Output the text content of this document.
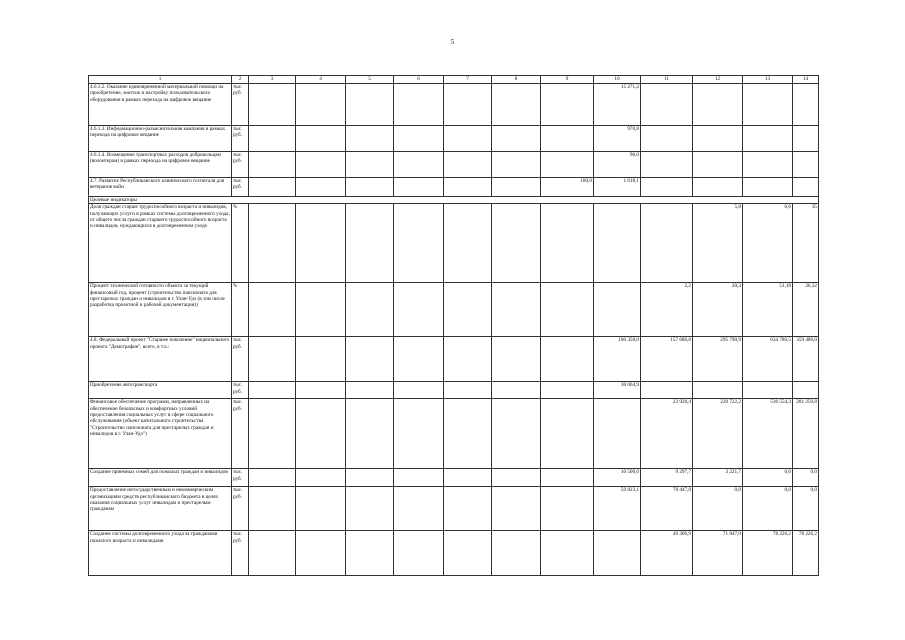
5
1	2	3	4	5	6	7	8	9	10	11	12	13	14	
4.6.1.2. Оказание единовременной материальной помощи на приобретение, монтаж и настройку пользовательского оборудования в рамках перехода на цифровое вещание	тыс. руб.								15 271,2					
4.6.1.3. Информационно-разъяснительная кампания в рамках перехода на цифровое вещание	тыс. руб.								970,8					
4.6.1.4. Возмещение транспортных расходов добровольцам (волонтерам) в рамках перехода на цифровое вещание	тыс. руб.								96,0					
4.7. Развитие Республиканского клинического госпиталя для ветеранов войн	тыс. руб.							180,0	1 618,1					
Целевые индикаторы														
Доля граждан старше трудоспособного возраста и инвалидов, получающих услуги в рамках системы долговременного ухода, от общего числа граждан старшего трудоспособного возраста и инвалидов, нуждающихся в долговременном уходе	%										5,8	6,6	35	
Процент технической готовности объекта за текущий финансовый год, процент (строительство пансионата для престарелых граждан и инвалидов в г. Улан-Удэ (в том числе разработка проектной и рабочей документации))	%									2,2	20,3	51,18	26,32	
4.8. Федеральный проект "Старшее поколение" национального проекта "Демография", всего, в т.ч.:	тыс. руб.								100 358,0	157 680,8	295 790,9	634 780,5	359 486,0	
Приобретение автотранспорта	тыс. руб.								30 064,9					
Финансовое обеспечение программ, направленных на обеспечение безопасных и комфортных условий предоставления социальных услуг в сфере социального обслуживания (объект капитального строительства "Строительство пансионата для престарелых граждан и инвалидов в г. Улан-Удэ")	тыс. руб.									23 928,4	220 722,2	536 554,3	281 259,8	
Создание приемных семей для пожилых граждан и инвалидов	тыс. руб.								10 500,0	9 297,7	3 221,7	0,0	0,0	
Предоставление негосударственным и некоммерческим организациям средств республиканского бюджета в целях оказания социальных услуг инвалидам и престарелым гражданам	тыс. руб.								59 823,1	78 447,8	0,0	0,0	0,0	
Создание системы долговременного ухода за гражданами пожилого возраста и инвалидами	тыс. руб.									46 306,9	71 847,0	78 226,2	78 226,2	
